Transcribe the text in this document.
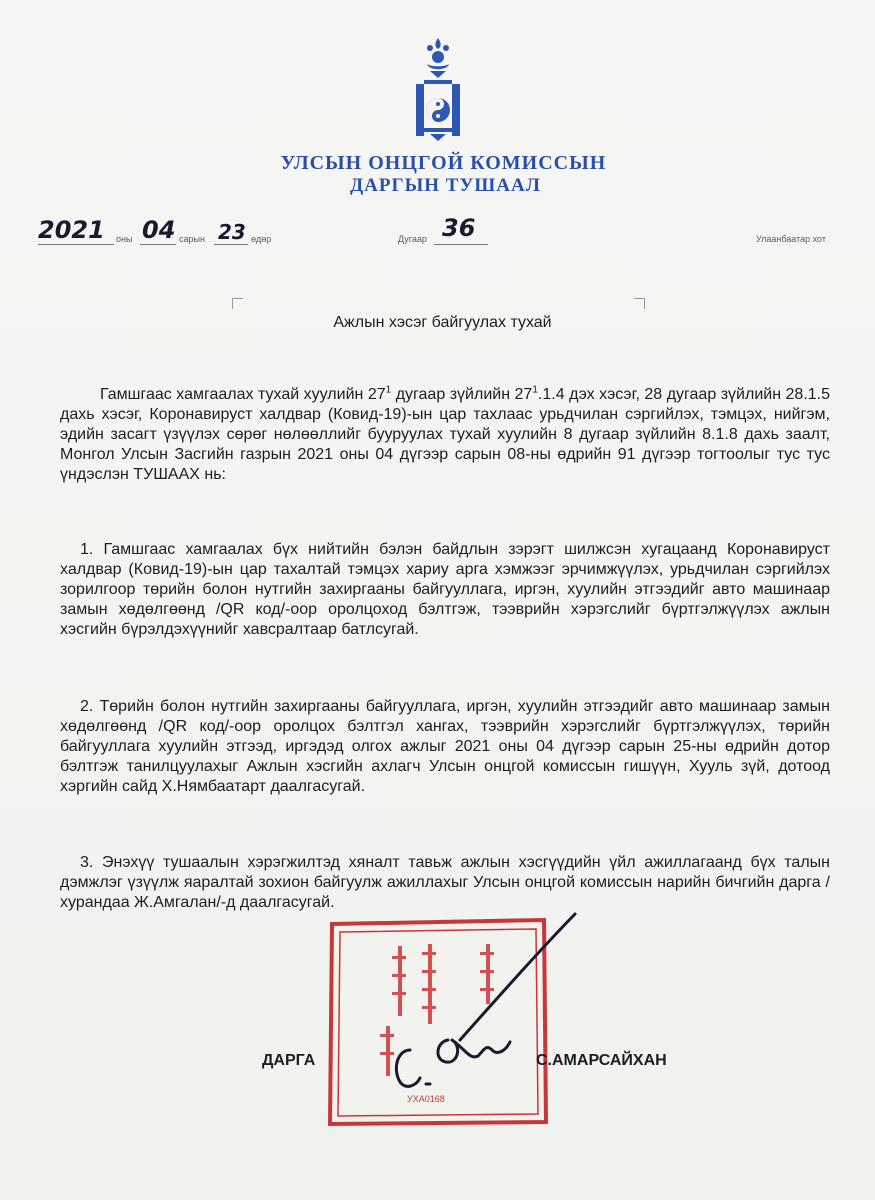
УЛСЫН ОНЦГОЙ КОМИССЫН
ДАРГЫН ТУШААЛ
2021 оны 04 сарын 23 өдөр	Дугаар 36	Улаанбаатар хот

Ажлын хэсэг байгуулах тухай

Гамшгаас хамгаалах тухай хуулийн $27^1$ дугаар зүйлийн $27^1.1.4$ дэх хэсэг, 28 дугаар зүйлийн 28.1.5 дахь хэсэг, Коронавируст халдвар (Ковид-19)-ын цар тахлаас урьдчилан сэргийлэх, тэмцэх, нийгэм, эдийн засагт үзүүлэх сөрөг нөлөөллийг бууруулах тухай хуулийн 8 дугаар зүйлийн 8.1.8 дахь заалт, Монгол Улсын Засгийн газрын 2021 оны 04 дүгээр сарын 08-ны өдрийн 91 дүгээр тогтоолыг тус тус үндэслэн ТУШААХ нь:

1. Гамшгаас хамгаалах бүх нийтийн бэлэн байдлын зэрэгт шилжсэн хугацаанд Коронавируст халдвар (Ковид-19)-ын цар тахалтай тэмцэх хариу арга хэмжээг эрчимжүүлэх, урьдчилан сэргийлэх зорилгоор төрийн болон нутгийн захиргааны байгууллага, иргэн, хуулийн этгээдийг авто машинаар замын хөдөлгөөнд /QR код/-оор оролцоход бэлтгэж, тээврийн хэрэгслийг бүртгэлжүүлэх ажлын хэсгийн бүрэлдэхүүнийг хавсралтаар батлсугай.

2. Төрийн болон нутгийн захиргааны байгууллага, иргэн, хуулийн этгээдийг авто машинаар замын хөдөлгөөнд /QR код/-оор оролцох бэлтгэл хангах, тээврийн хэрэгслийг бүртгэлжүүлэх, төрийн байгууллага хуулийн этгээд, иргэдэд олгох ажлыг 2021 оны 04 дүгээр сарын 25-ны өдрийн дотор бэлтгэж танилцуулахыг Ажлын хэсгийн ахлагч Улсын онцгой комиссын гишүүн, Хууль зүй, дотоод хэргийн сайд Х.Нямбаатарт даалгасугай.

3. Энэхүү тушаалын хэрэгжилтэд хяналт тавьж ажлын хэсгүүдийн үйл ажиллагаанд бүх талын дэмжлэг үзүүлж яаралтай зохион байгуулж ажиллахыг Улсын онцгой комиссын нарийн бичгийн дарга /хурандаа Ж.Амгалан/-д даалгасугай.

УХА0168

ДАРГА	С.АМАРСАЙХАН
